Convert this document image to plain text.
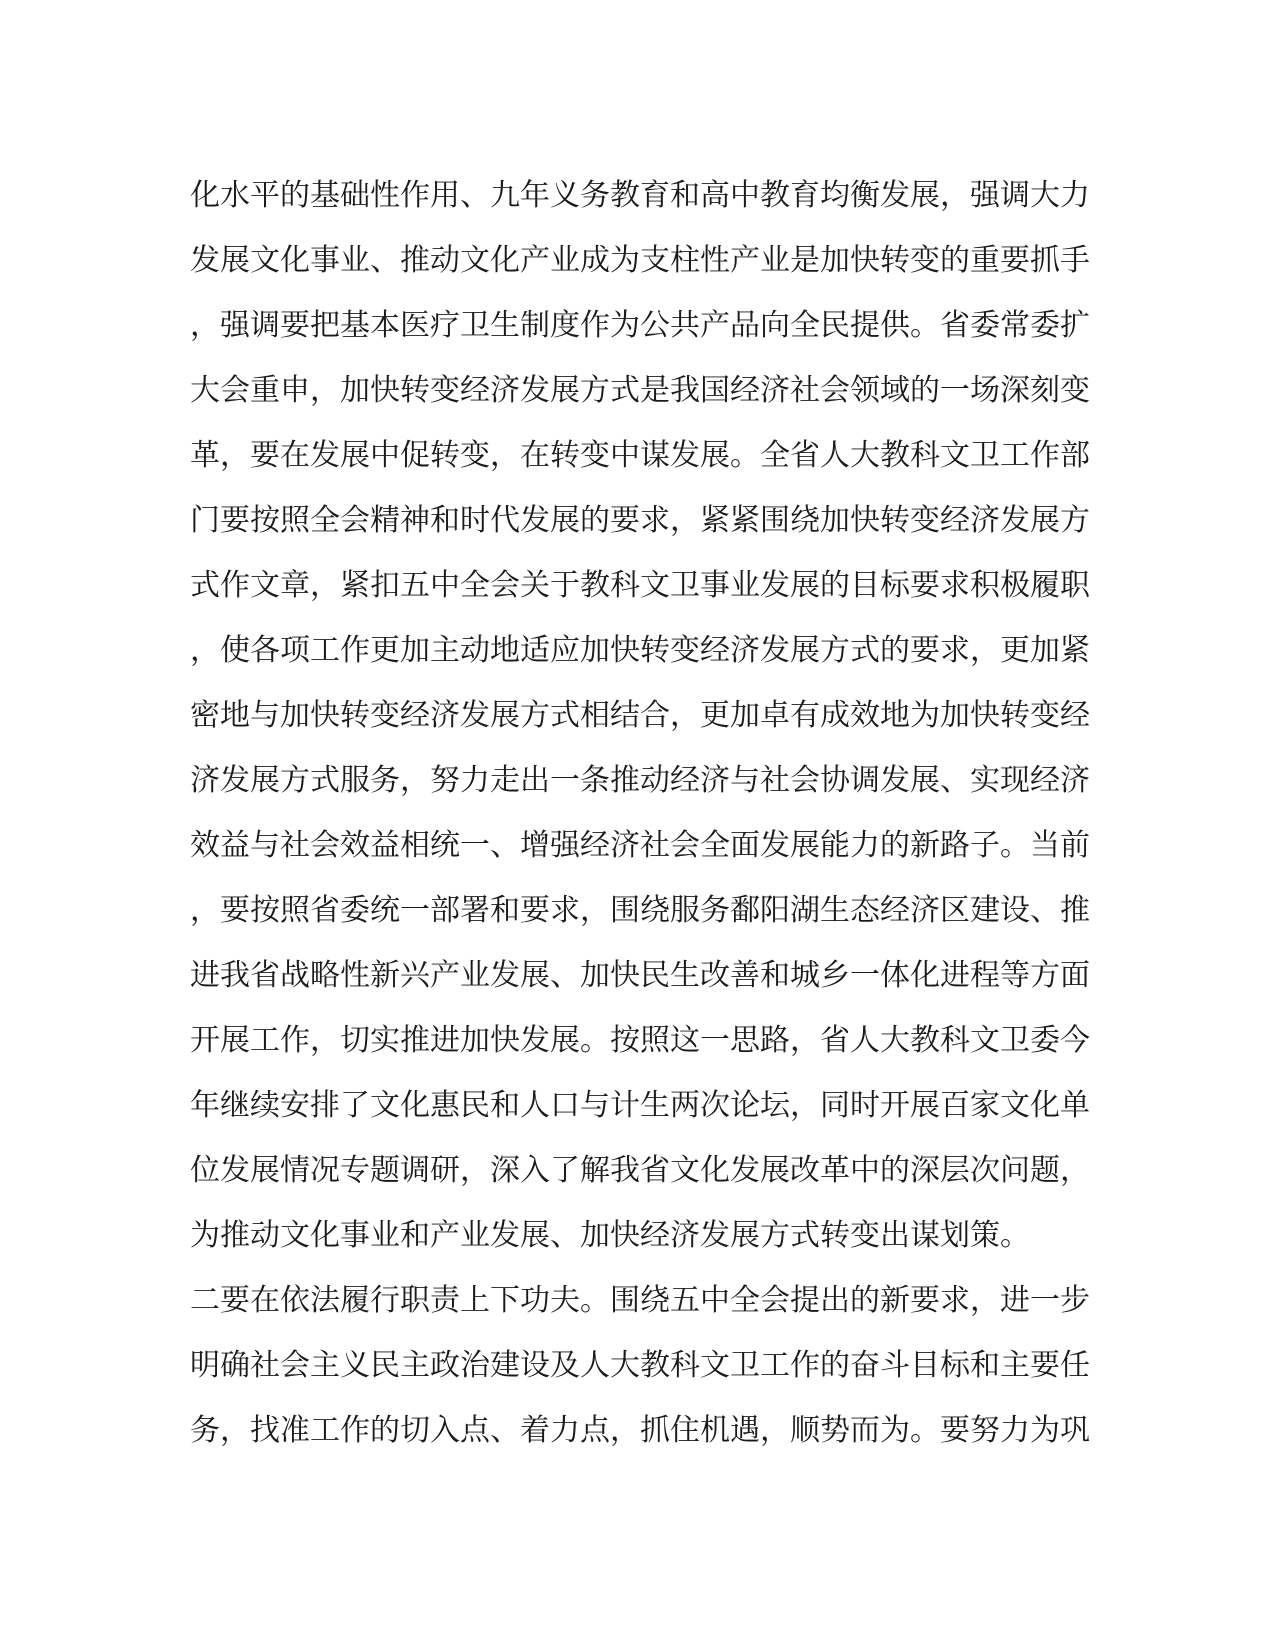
化水平的基础性作用、九年义务教育和高中教育均衡发展，强调大力
发展文化事业、推动文化产业成为支柱性产业是加快转变的重要抓手
，强调要把基本医疗卫生制度作为公共产品向全民提供。省委常委扩
大会重申，加快转变经济发展方式是我国经济社会领域的一场深刻变
革，要在发展中促转变，在转变中谋发展。全省人大教科文卫工作部
门要按照全会精神和时代发展的要求，紧紧围绕加快转变经济发展方
式作文章，紧扣五中全会关于教科文卫事业发展的目标要求积极履职
，使各项工作更加主动地适应加快转变经济发展方式的要求，更加紧
密地与加快转变经济发展方式相结合，更加卓有成效地为加快转变经
济发展方式服务，努力走出一条推动经济与社会协调发展、实现经济
效益与社会效益相统一、增强经济社会全面发展能力的新路子。当前
，要按照省委统一部署和要求，围绕服务鄱阳湖生态经济区建设、推
进我省战略性新兴产业发展、加快民生改善和城乡一体化进程等方面
开展工作，切实推进加快发展。按照这一思路，省人大教科文卫委今
年继续安排了文化惠民和人口与计生两次论坛，同时开展百家文化单
位发展情况专题调研，深入了解我省文化发展改革中的深层次问题，
为推动文化事业和产业发展、加快经济发展方式转变出谋划策。
二要在依法履行职责上下功夫。围绕五中全会提出的新要求，进一步
明确社会主义民主政治建设及人大教科文卫工作的奋斗目标和主要任
务，找准工作的切入点、着力点，抓住机遇，顺势而为。要努力为巩
